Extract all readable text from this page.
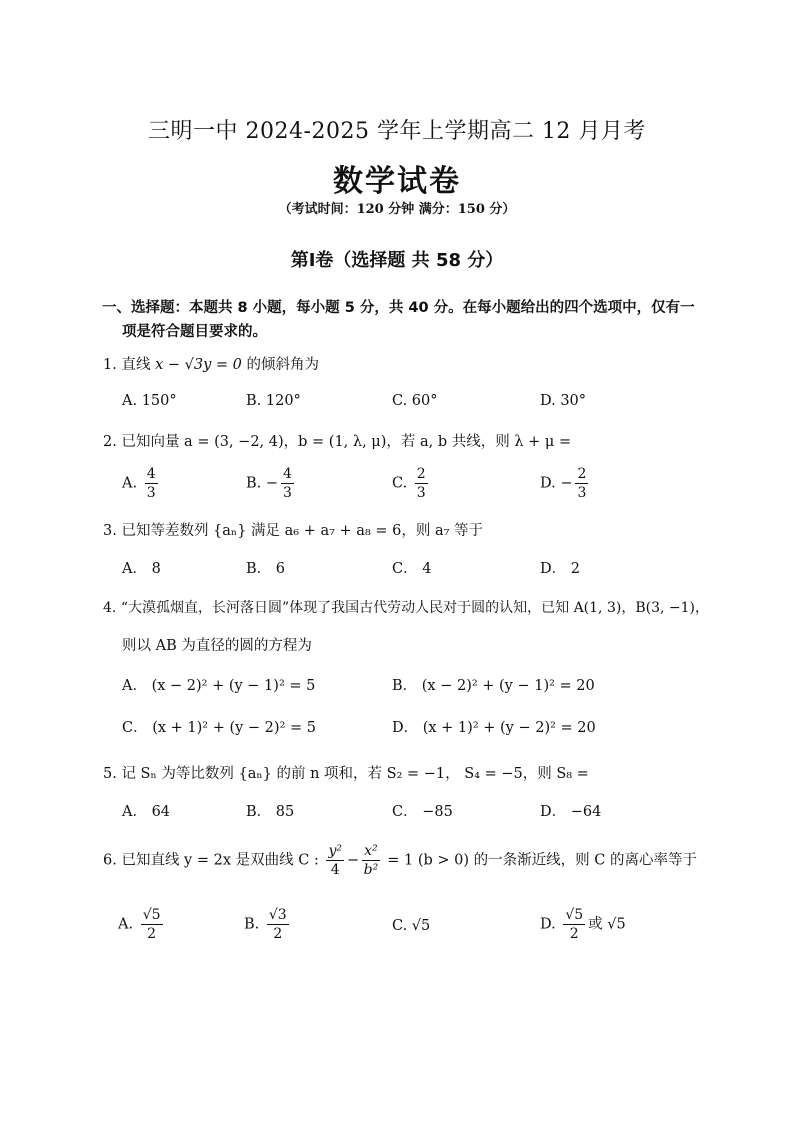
三明一中 2024-2025 学年上学期高二 12 月月考
数学试卷
（考试时间：120 分钟 满分：150 分）
第Ⅰ卷（选择题 共 58 分）
一、选择题：本题共 8 小题，每小题 5 分，共 40 分。在每小题给出的四个选项中，仅有一
项是符合题目要求的。
1. 直线 x − √3y = 0 的倾斜角为
A. 150°	B. 120°	C. 60°	D. 30°
2. 已知向量 a = (3, −2, 4)，b = (1, λ, μ)，若 a, b 共线，则 λ + μ =
A. $\frac{4}{3}$	B. − $\frac{4}{3}$	C. $\frac{2}{3}$	D. − $\frac{2}{3}$
3. 已知等差数列 {aₙ} 满足 a₆ + a₇ + a₈ = 6，则 a₇ 等于
A． 8	B． 6	C． 4	D． 2
4. “大漠孤烟直，长河落日圆”体现了我国古代劳动人民对于圆的认知，已知 A(1, 3)，B(3, −1)，
则以 AB 为直径的圆的方程为
A． (x − 2)² + (y − 1)² = 5	B． (x − 2)² + (y − 1)² = 20
C． (x + 1)² + (y − 2)² = 5	D． (x + 1)² + (y − 2)² = 20
5. 记 Sₙ 为等比数列 {aₙ} 的前 n 项和，若 S₂ = −1， S₄ = −5，则 S₈ =
A． 64	B． 85	C． −85	D． −64
6. 已知直线 y = 2x 是双曲线 C : $\frac{\text{y²}}{4} - \frac{\text{x²}}{\text{b²}} = 1$ (b > 0) 的一条渐近线，则 C 的离心率等于
A. $\frac{√5}{2}$	B. $\frac{√3}{2}$	C. √5	D. $\frac{√5}{2}$ 或 √5
